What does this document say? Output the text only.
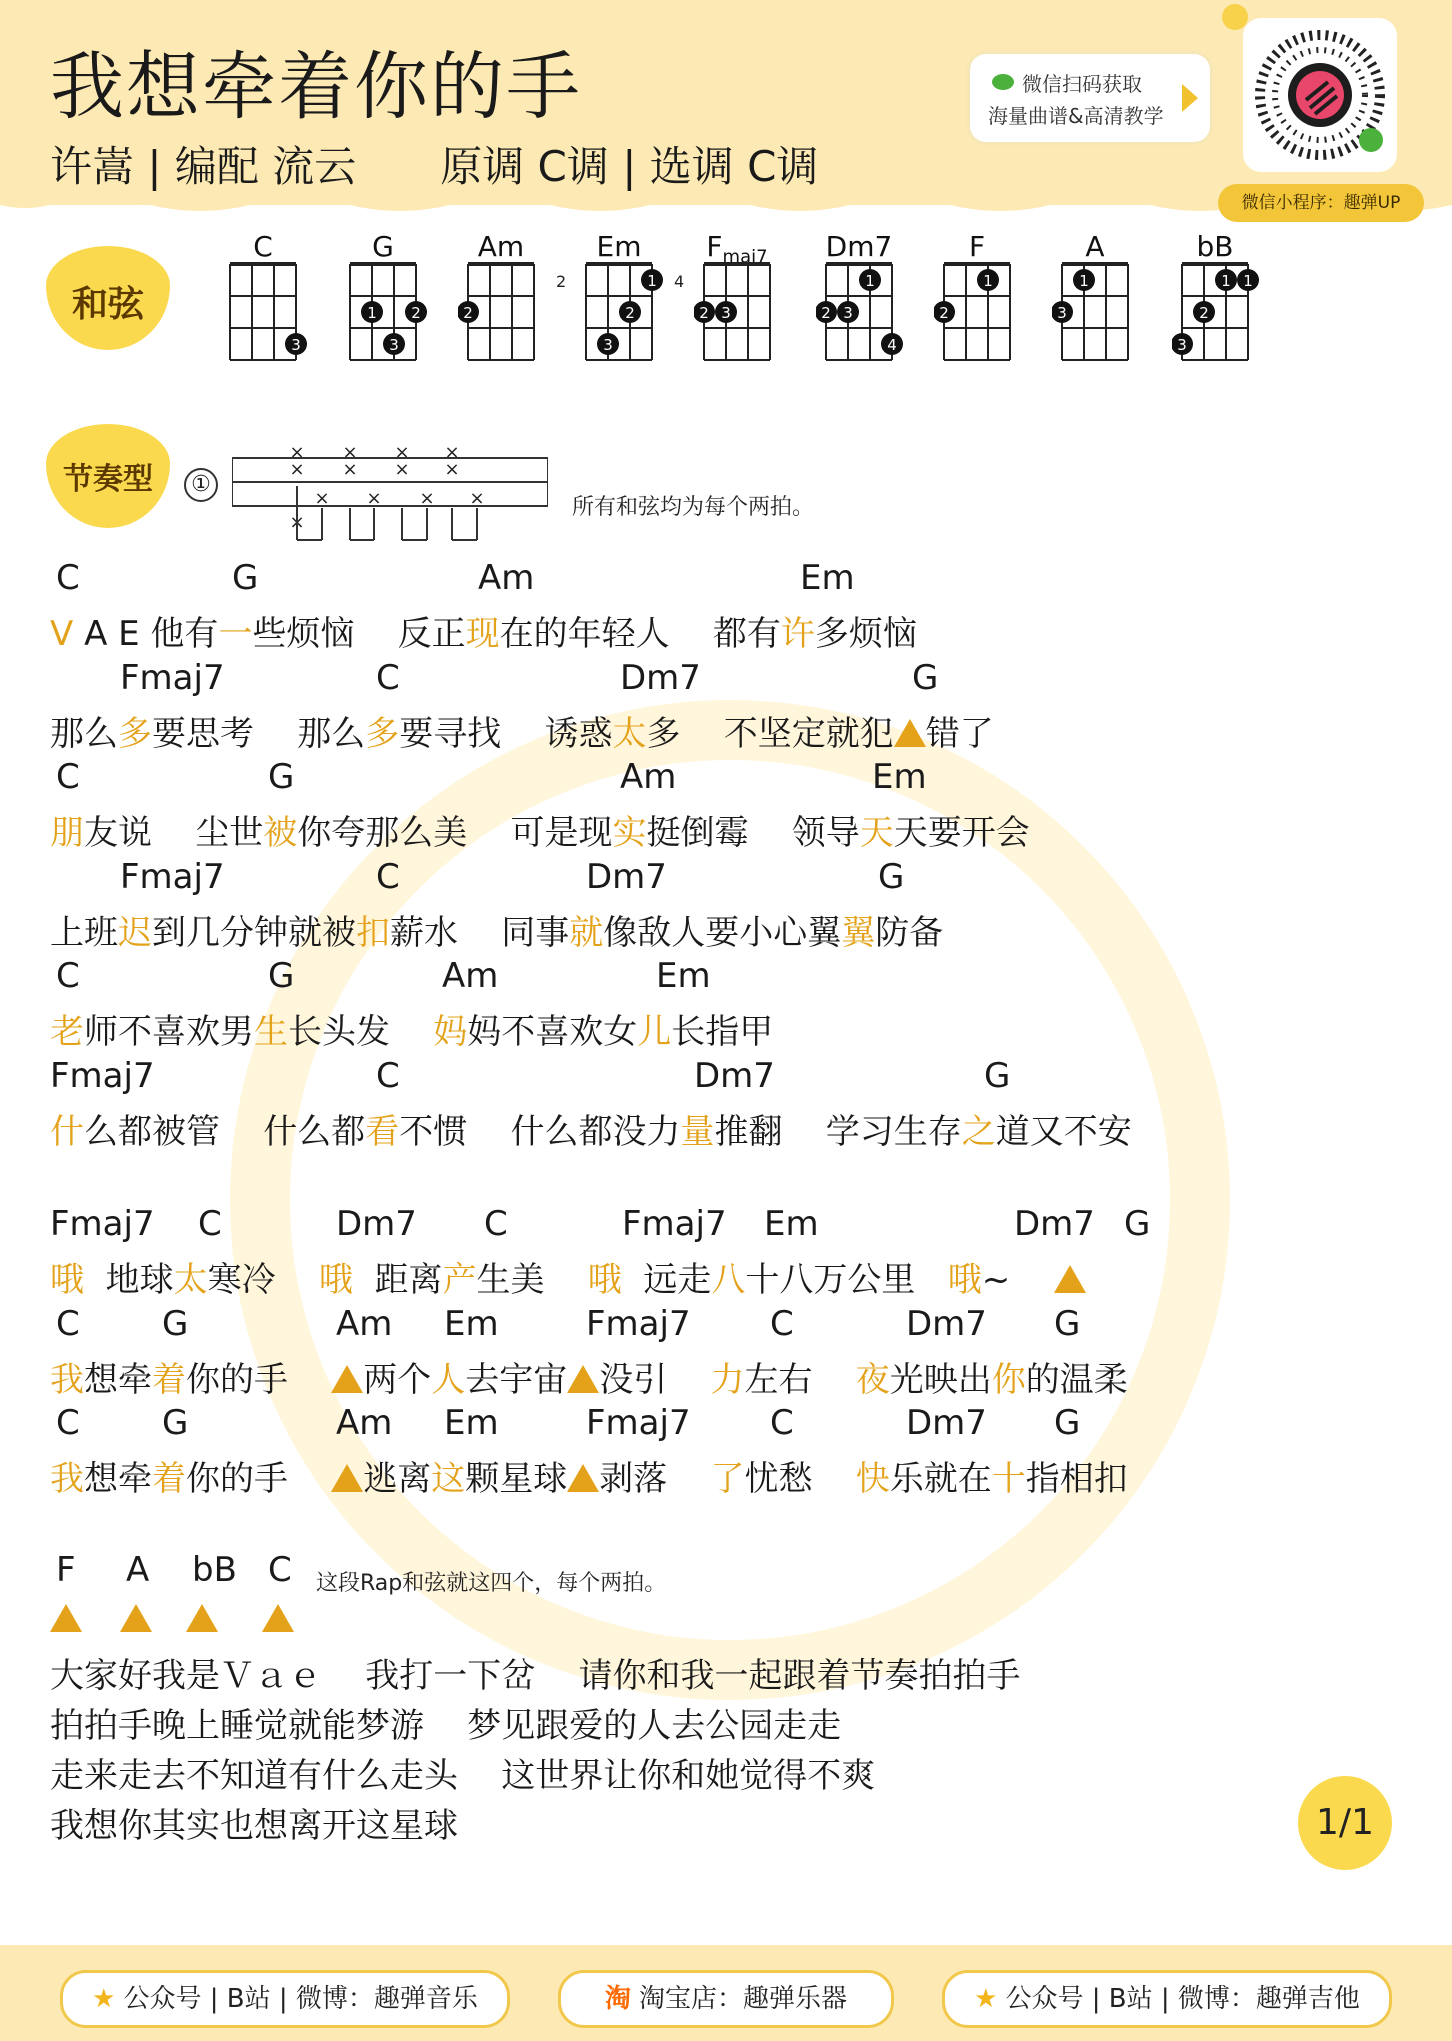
我想牵着你的手
许嵩 | 编配 流云 原调 C调 | 选调 C调
微信扫码获取
海量曲谱&高清教学
微信小程序：趣弹UP
和弦
C
3
G
1 2
3
Am
2
Em
1
2
3
2
$F_{maj7}$
2 3
4
Dm7
1
2 3
4
F
1
2
A
1
3
bB
1 1
2
3
节奏型	①
×
×
×
×
×
×
×
×
× × × ×
×
所有和弦均为每个两拍。
C	G	Am	Em
V A E 他有一些烦恼    反正现在的年轻人    都有许多烦恼
Fmaj7	C	Dm7	G
那么多要思考    那么多要寻找    诱惑太多    不坚定就犯 错了
C	G	Am	Em
朋友说    尘世被你夸那么美    可是现实挺倒霉    领导天天要开会
Fmaj7	C	Dm7	G
上班迟到几分钟就被扣薪水    同事就像敌人要小心翼翼防备
C	G	Am	Em
老师不喜欢男生长头发    妈妈不喜欢女儿长指甲
Fmaj7	C	Dm7	G
什么都被管    什么都看不惯    什么都没力量推翻    学习生存之道又不安
Fmaj7 C	Dm7 C	Fmaj7 Em	Dm7 G
哦  地球太寒冷    哦  距离产生美    哦  远走八十八万公里   哦~
C G	Am Em	Fmaj7 C	Dm7 G
我想牵着你的手    两个人去宇宙 没引    力左右    夜光映出你的温柔
C G	Am Em	Fmaj7 C	Dm7 G
我想牵着你的手    逃离这颗星球 剥落    了忧愁    快乐就在十指相扣
F A bB C 这段Rap和弦就这四个，每个两拍。
大家好我是Ｖａｅ    我打一下岔    请你和我一起跟着节奏拍拍手
拍拍手晚上睡觉就能梦游    梦见跟爱的人去公园走走
走来走去不知道有什么走头    这世界让你和她觉得不爽
我想你其实也想离开这星球	1/1
★ 公众号 | B站 | 微博：趣弹音乐	淘 淘宝店：趣弹乐器	★ 公众号 | B站 | 微博：趣弹吉他
